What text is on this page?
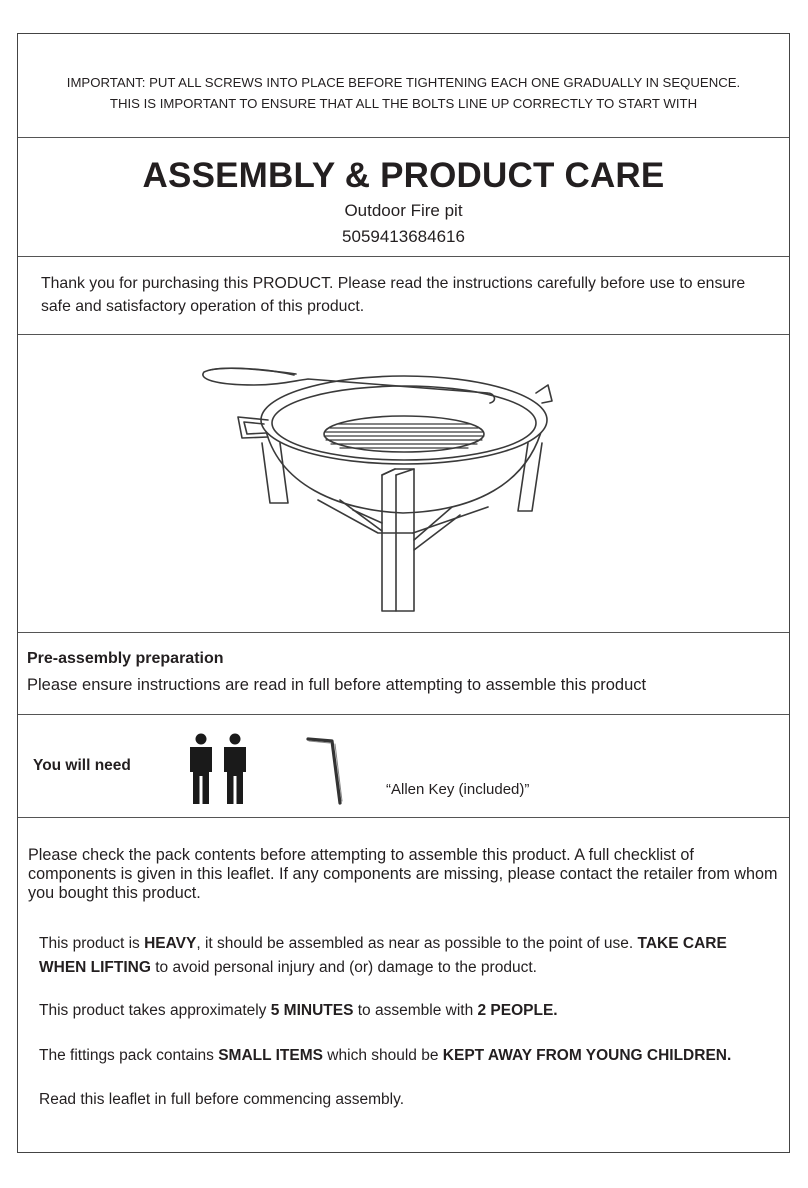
IMPORTANT: PUT ALL SCREWS INTO PLACE BEFORE TIGHTENING EACH ONE GRADUALLY IN SEQUENCE.
THIS IS IMPORTANT TO ENSURE THAT ALL THE BOLTS LINE UP CORRECTLY TO START WITH
ASSEMBLY & PRODUCT CARE
Outdoor Fire pit
5059413684616
Thank you for purchasing this PRODUCT. Please read the instructions carefully before use to ensure safe and satisfactory operation of this product.
Pre-assembly preparation
Please ensure instructions are read in full before attempting to assemble this product
You will need
“Allen Key (included)”
Please check the pack contents before attempting to assemble this product. A full checklist of components is given in this leaflet. If any components are missing, please contact the retailer from whom you bought this product.
This product is HEAVY, it should be assembled as near as possible to the point of use. TAKE CARE WHEN LIFTING to avoid personal injury and (or) damage to the product.
This product takes approximately 5 MINUTES to assemble with 2 PEOPLE.
The fittings pack contains SMALL ITEMS which should be KEPT AWAY FROM YOUNG CHILDREN.
Read this leaflet in full before commencing assembly.
